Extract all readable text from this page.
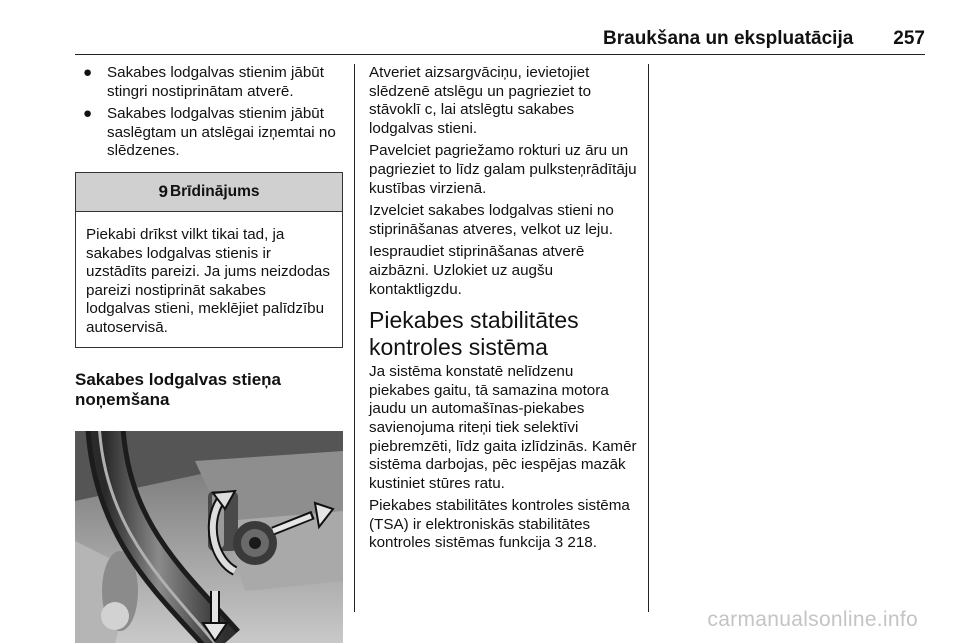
Braukšana un ekspluatācija 257
● Sakabes lodgalvas stienim jābūt stingri nostiprinātam atverē.
● Sakabes lodgalvas stienim jābūt saslēgtam un atslēgai izņemtai no slēdzenes.
9 Brīdinājums
Piekabi drīkst vilkt tikai tad, ja sakabes lodgalvas stienis ir uzstādīts pareizi. Ja jums neizdodas pareizi nostiprināt sakabes lodgalvas stieni, meklējiet palīdzību autoservisā.
Sakabes lodgalvas stieņa noņemšana

Atveriet aizsargvāciņu, ievietojiet slēdzenē atslēgu un pagrieziet to stāvoklī c, lai atslēgtu sakabes lodgalvas stieni.

Pavelciet pagriežamo rokturi uz āru un pagrieziet to līdz galam pulksteņrādītāju kustības virzienā.

Izvelciet sakabes lodgalvas stieni no stiprināšanas atveres, velkot uz leju.

Iespraudiet stiprināšanas atverē aizbāzni. Uzlokiet uz augšu kontaktligzdu.

Piekabes stabilitātes kontroles sistēma

Ja sistēma konstatē nelīdzenu piekabes gaitu, tā samazina motora jaudu un automašīnas-piekabes savienojuma riteņi tiek selektīvi piebremzēti, līdz gaita izlīdzinās. Kamēr sistēma darbojas, pēc iespējas mazāk kustiniet stūres ratu.

Piekabes stabilitātes kontroles sistēma (TSA) ir elektroniskās stabilitātes kontroles sistēmas funkcija 3 218.

carmanualsonline.info
